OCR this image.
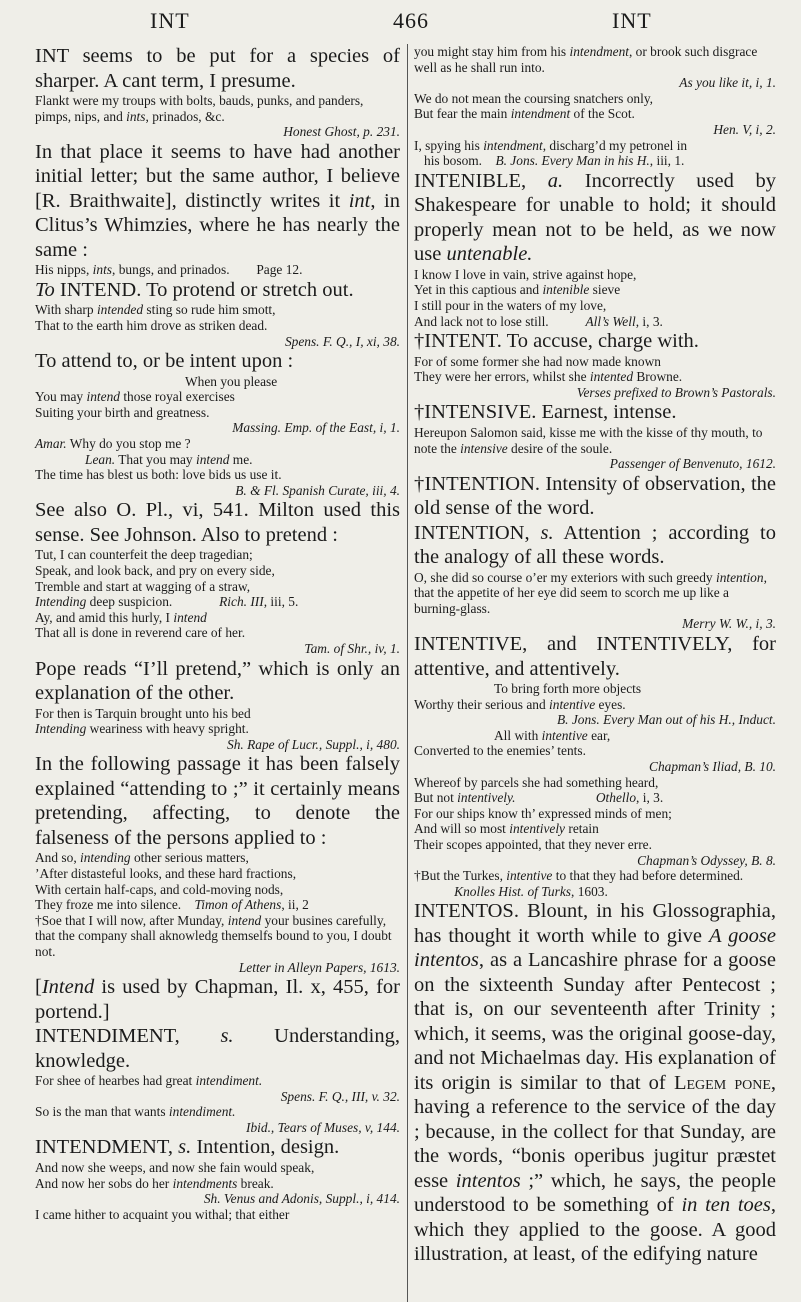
INT	466	INT
INT seems to be put for a species of sharper. A cant term, I presume.
Flankt were my troups with bolts, bauds, punks, and panders, pimps, nips, and ints, prinados, &c.
Honest Ghost, p. 231.
In that place it seems to have had another initial letter; but the same author, I believe [R. Braithwaite], distinctly writes it int, in Clitus’s Whimzies, where he has nearly the same :
His nipps, ints, bungs, and prinados.        Page 12.
To INTEND. To protend or stretch out.
With sharp intended sting so rude him smott,
That to the earth him drove as striken dead.
Spens. F. Q., I, xi, 38.
To attend to, or be intent upon :
When you please
You may intend those royal exercises
Suiting your birth and greatness.
Massing. Emp. of the East, i, 1.
Amar. Why do you stop me ?

Lean. That you may intend me.
The time has blest us both: love bids us use it.
B. & Fl. Spanish Curate, iii, 4.
See also O. Pl., vi, 541. Milton used this sense. See Johnson. Also to pretend :
Tut, I can counterfeit the deep tragedian;
Speak, and look back, and pry on every side,
Tremble and start at wagging of a straw,
Intending deep suspicion.              Rich. III, iii, 5.
Ay, and amid this hurly, I intend
That all is done in reverend care of her.
Tam. of Shr., iv, 1.
Pope reads “I’ll pretend,” which is only an explanation of the other.
For then is Tarquin brought unto his bed
Intending weariness with heavy spright.
Sh. Rape of Lucr., Suppl., i, 480.
In the following passage it has been falsely explained “attending to ;” it certainly means pretending, affecting, to denote the falseness of the persons applied to :
And so, intending other serious matters,
’After distasteful looks, and these hard fractions,
With certain half-caps, and cold-moving nods,
They froze me into silence.    Timon of Athens, ii, 2
†Soe that I will now, after Munday, intend your busines carefully, that the company shall aknowledg themselfs bound to you, I doubt not.
Letter in Alleyn Papers, 1613.
[Intend is used by Chapman, Il. x, 455, for portend.]
INTENDIMENT, s. Understanding, knowledge.
For shee of hearbes had great intendiment.
Spens. F. Q., III, v. 32.
So is the man that wants intendiment.
Ibid., Tears of Muses, v, 144.
INTENDMENT, s. Intention, design.
And now she weeps, and now she fain would speak,
And now her sobs do her intendments break.
Sh. Venus and Adonis, Suppl., i, 414.
I came hither to acquaint you withal; that either
you might stay him from his intendment, or brook such disgrace well as he shall run into.
As you like it, i, 1.
We do not mean the coursing snatchers only,
But fear the main intendment of the Scot.
Hen. V, i, 2.
I, spying his intendment, discharg’d my petronel in
his bosom.    B. Jons. Every Man in his H., iii, 1.
INTENIBLE, a. Incorrectly used by Shakespeare for unable to hold; it should properly mean not to be held, as we now use untenable.
I know I love in vain, strive against hope,
Yet in this captious and intenible sieve
I still pour in the waters of my love,
And lack not to lose still.           All’s Well, i, 3.
†INTENT. To accuse, charge with.
For of some former she had now made known
They were her errors, whilst she intented Browne.
Verses prefixed to Brown’s Pastorals.
†INTENSIVE. Earnest, intense.
Hereupon Salomon said, kisse me with the kisse of thy mouth, to note the intensive desire of the soule.
Passenger of Benvenuto, 1612.
†INTENTION. Intensity of observation, the old sense of the word.
INTENTION, s. Attention ; according to the analogy of all these words.
O, she did so course o’er my exteriors with such greedy intention, that the appetite of her eye did seem to scorch me up like a burning-glass.
Merry W. W., i, 3.
INTENTIVE, and INTENTIVELY, for attentive, and attentively.
To bring forth more objects
Worthy their serious and intentive eyes.
B. Jons. Every Man out of his H., Induct.
All with intentive ear,
Converted to the enemies’ tents.
Chapman’s Iliad, B. 10.
Whereof by parcels she had something heard,
But not intentively.	Othello, i, 3.
For our ships know th’ expressed minds of men;
And will so most intentively retain
Their scopes appointed, that they never erre.
Chapman’s Odyssey, B. 8.
†But the Turkes, intentive to that they had before determined.             Knolles Hist. of Turks, 1603.
INTENTOS. Blount, in his Glossographia, has thought it worth while to give A goose intentos, as a Lancashire phrase for a goose on the sixteenth Sunday after Pentecost ; that is, on our seventeenth after Trinity ; which, it seems, was the original goose-day, and not Michaelmas day. His explanation of its origin is similar to that of Legem pone, having a reference to the service of the day ; because, in the collect for that Sunday, are the words, “bonis operibus jugitur præstet esse intentos ;” which, he says, the people understood to be something of in ten toes, which they applied to the goose. A good illustration, at least, of the edifying nature
